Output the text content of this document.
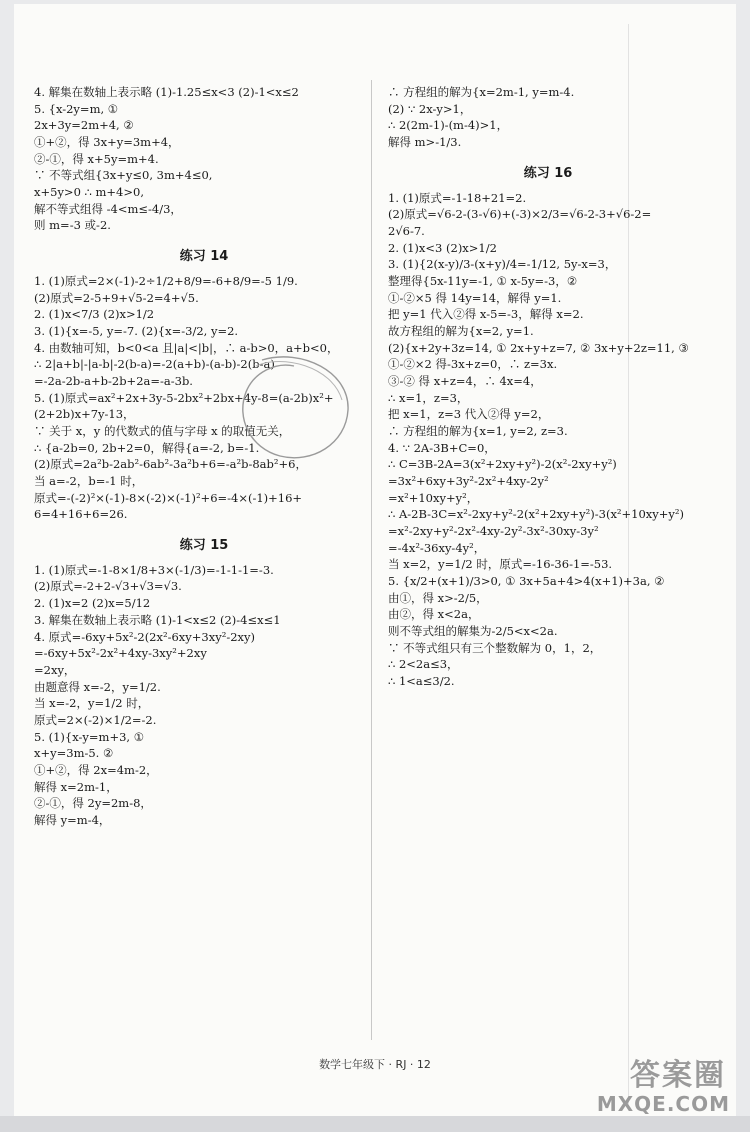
4. 解集在数轴上表示略 (1)-1.25≤x<3 (2)-1<x≤2
5. {x-2y=m, ①
2x+3y=2m+4, ②
①+②，得 3x+y=3m+4，
②-①，得 x+5y=m+4.
∵ 不等式组{3x+y≤0, 3m+4≤0,
x+5y>0 ∴ m+4>0,
解不等式组得 -4<m≤-4/3，
则 m=-3 或-2.
练习 14
1. (1)原式=2×(-1)-2÷1/2+8/9=-6+8/9=-5 1/9.
(2)原式=2-5+9+√5-2=4+√5.
2. (1)x<7/3 (2)x>1/2
3. (1){x=-5, y=-7. (2){x=-3/2, y=2.
4. 由数轴可知，b<0<a 且|a|<|b|，∴ a-b>0，a+b<0，
∴ 2|a+b|-|a-b|-2(b-a)=-2(a+b)-(a-b)-2(b-a)
=-2a-2b-a+b-2b+2a=-a-3b.
5. (1)原式=ax²+2x+3y-5-2bx²+2bx+4y-8=(a-2b)x²+
(2+2b)x+7y-13，
∵ 关于 x，y 的代数式的值与字母 x 的取值无关，
∴ {a-2b=0, 2b+2=0，解得{a=-2, b=-1.
(2)原式=2a²b-2ab²-6ab²-3a²b+6=-a²b-8ab²+6，
当 a=-2，b=-1 时，
原式=-(-2)²×(-1)-8×(-2)×(-1)²+6=-4×(-1)+16+
6=4+16+6=26.
练习 15
1. (1)原式=-1-8×1/8+3×(-1/3)=-1-1-1=-3.
(2)原式=-2+2-√3+√3=√3.
2. (1)x=2 (2)x=5/12
3. 解集在数轴上表示略 (1)-1<x≤2 (2)-4≤x≤1
4. 原式=-6xy+5x²-2(2x²-6xy+3xy²-2xy)
=-6xy+5x²-2x²+4xy-3xy²+2xy
=2xy，
由题意得 x=-2，y=1/2.
当 x=-2，y=1/2 时，
原式=2×(-2)×1/2=-2.
5. (1){x-y=m+3, ①
x+y=3m-5. ②
①+②，得 2x=4m-2，
解得 x=2m-1，
②-①，得 2y=2m-8，
解得 y=m-4，
∴ 方程组的解为{x=2m-1, y=m-4.
(2) ∵ 2x-y>1，
∴ 2(2m-1)-(m-4)>1，
解得 m>-1/3.
练习 16
1. (1)原式=-1-18+21=2.
(2)原式=√6-2-(3-√6)+(-3)×2/3=√6-2-3+√6-2=
2√6-7.
2. (1)x<3 (2)x>1/2
3. (1){2(x-y)/3-(x+y)/4=-1/12, 5y-x=3，
整理得{5x-11y=-1, ① x-5y=-3，②
①-②×5 得 14y=14，解得 y=1.
把 y=1 代入②得 x-5=-3，解得 x=2.
故方程组的解为{x=2, y=1.
(2){x+2y+3z=14, ① 2x+y+z=7, ② 3x+y+2z=11, ③
①-②×2 得-3x+z=0，∴ z=3x.
③-② 得 x+z=4，∴ 4x=4，
∴ x=1，z=3，
把 x=1，z=3 代入②得 y=2，
∴ 方程组的解为{x=1, y=2, z=3.
4. ∵ 2A-3B+C=0，
∴ C=3B-2A=3(x²+2xy+y²)-2(x²-2xy+y²)
=3x²+6xy+3y²-2x²+4xy-2y²
=x²+10xy+y²，
∴ A-2B-3C=x²-2xy+y²-2(x²+2xy+y²)-3(x²+10xy+y²)
=x²-2xy+y²-2x²-4xy-2y²-3x²-30xy-3y²
=-4x²-36xy-4y²，
当 x=2，y=1/2 时，原式=-16-36-1=-53.
5. {x/2+(x+1)/3>0, ① 3x+5a+4>4(x+1)+3a, ②
由①，得 x>-2/5，
由②，得 x<2a，
则不等式组的解集为-2/5<x<2a.
∵ 不等式组只有三个整数解为 0，1，2，
∴ 2<2a≤3，
∴ 1<a≤3/2.
数学七年级下 · RJ · 12	答案圈
MXQE.COM
